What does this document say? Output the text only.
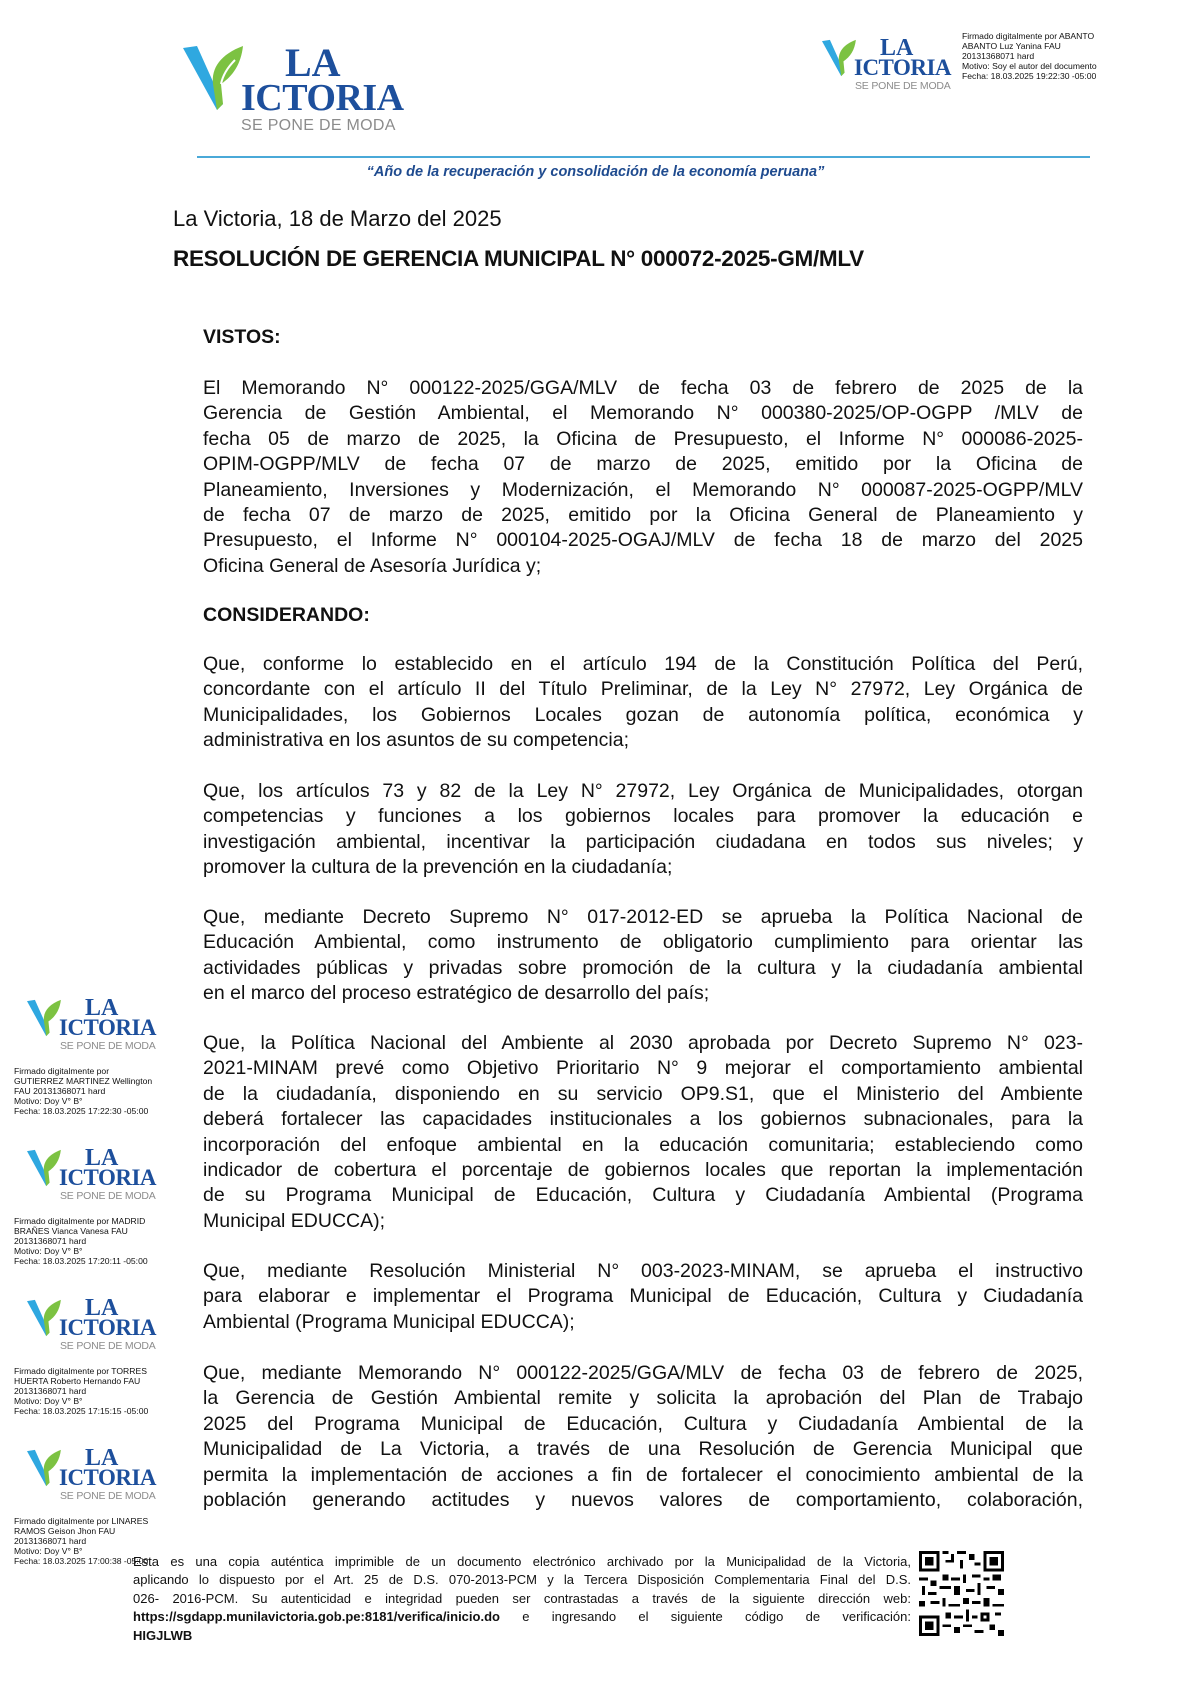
LA
ICTORIA
SE PONE DE MODA
LA
ICTORIA
SE PONE DE MODA
Firmado digitalmente por ABANTO
ABANTO Luz Yanina FAU
20131368071 hard
Motivo: Soy el autor del documento
Fecha: 18.03.2025 19:22:30 -05:00
“Año de la recuperación y consolidación de la economía peruana”
La Victoria, 18 de Marzo del 2025
RESOLUCIÓN DE GERENCIA MUNICIPAL N° 000072-2025-GM/MLV
VISTOS:
El Memorando N° 000122-2025/GGA/MLV de fecha 03 de febrero de 2025 de la
Gerencia de Gestión Ambiental, el Memorando N° 000380-2025/OP-OGPP /MLV de
fecha 05 de marzo de 2025, la Oficina de Presupuesto, el Informe N° 000086-2025-
OPIM-OGPP/MLV de fecha 07 de marzo de 2025, emitido por la Oficina de
Planeamiento, Inversiones y Modernización, el Memorando N° 000087-2025-OGPP/MLV
de fecha 07 de marzo de 2025, emitido por la Oficina General de Planeamiento y
Presupuesto, el Informe N° 000104-2025-OGAJ/MLV de fecha 18 de marzo del 2025
Oficina General de Asesoría Jurídica y;
CONSIDERANDO:
Que, conforme lo establecido en el artículo 194 de la Constitución Política del Perú,
concordante con el artículo II del Título Preliminar, de la Ley N° 27972, Ley Orgánica de
Municipalidades, los Gobiernos Locales gozan de autonomía política, económica y
administrativa en los asuntos de su competencia;
Que, los artículos 73 y 82 de la Ley N° 27972, Ley Orgánica de Municipalidades, otorgan
competencias y funciones a los gobiernos locales para promover la educación e
investigación ambiental, incentivar la participación ciudadana en todos sus niveles; y
promover la cultura de la prevención en la ciudadanía;
Que, mediante Decreto Supremo N° 017-2012-ED se aprueba la Política Nacional de
Educación Ambiental, como instrumento de obligatorio cumplimiento para orientar las
actividades públicas y privadas sobre promoción de la cultura y la ciudadanía ambiental
en el marco del proceso estratégico de desarrollo del país;
Que, la Política Nacional del Ambiente al 2030 aprobada por Decreto Supremo N° 023-
2021-MINAM prevé como Objetivo Prioritario N° 9 mejorar el comportamiento ambiental
de la ciudadanía, disponiendo en su servicio OP9.S1, que el Ministerio del Ambiente
deberá fortalecer las capacidades institucionales a los gobiernos subnacionales, para la
incorporación del enfoque ambiental en la educación comunitaria; estableciendo como
indicador de cobertura el porcentaje de gobiernos locales que reportan la implementación
de su Programa Municipal de Educación, Cultura y Ciudadanía Ambiental (Programa
Municipal EDUCCA);
Que, mediante Resolución Ministerial N° 003-2023-MINAM, se aprueba el instructivo
para elaborar e implementar el Programa Municipal de Educación, Cultura y Ciudadanía
Ambiental (Programa Municipal EDUCCA);
Que, mediante Memorando N° 000122-2025/GGA/MLV de fecha 03 de febrero de 2025,
la Gerencia de Gestión Ambiental remite y solicita la aprobación del Plan de Trabajo
2025 del Programa Municipal de Educación, Cultura y Ciudadanía Ambiental de la
Municipalidad de La Victoria, a través de una Resolución de Gerencia Municipal que
permita la implementación de acciones a fin de fortalecer el conocimiento ambiental de la
población generando actitudes y nuevos valores de comportamiento, colaboración,
LA
ICTORIA
SE PONE DE MODA
Firmado digitalmente por
GUTIERREZ MARTINEZ Wellington
FAU 20131368071 hard
Motivo: Doy V° B°
Fecha: 18.03.2025 17:22:30 -05:00
LA
ICTORIA
SE PONE DE MODA
Firmado digitalmente por MADRID
BRAÑES Vianca Vanesa FAU
20131368071 hard
Motivo: Doy V° B°
Fecha: 18.03.2025 17:20:11 -05:00
LA
ICTORIA
SE PONE DE MODA
Firmado digitalmente por TORRES
HUERTA Roberto Hernando FAU
20131368071 hard
Motivo: Doy V° B°
Fecha: 18.03.2025 17:15:15 -05:00
LA
ICTORIA
SE PONE DE MODA
Firmado digitalmente por LINARES
RAMOS Geison Jhon FAU
20131368071 hard
Motivo: Doy V° B°
Fecha: 18.03.2025 17:00:38 -05:00
Esta es una copia auténtica imprimible de un documento electrónico archivado por la Municipalidad de la Victoria,
aplicando lo dispuesto por el Art. 25 de D.S. 070-2013-PCM y la Tercera Disposición Complementaria Final del D.S.
026- 2016-PCM. Su autenticidad e integridad pueden ser contrastadas a través de la siguiente dirección web:
https://sgdapp.munilavictoria.gob.pe:8181/verifica/inicio.do e ingresando el siguiente código de verificación:
HIGJLWB
